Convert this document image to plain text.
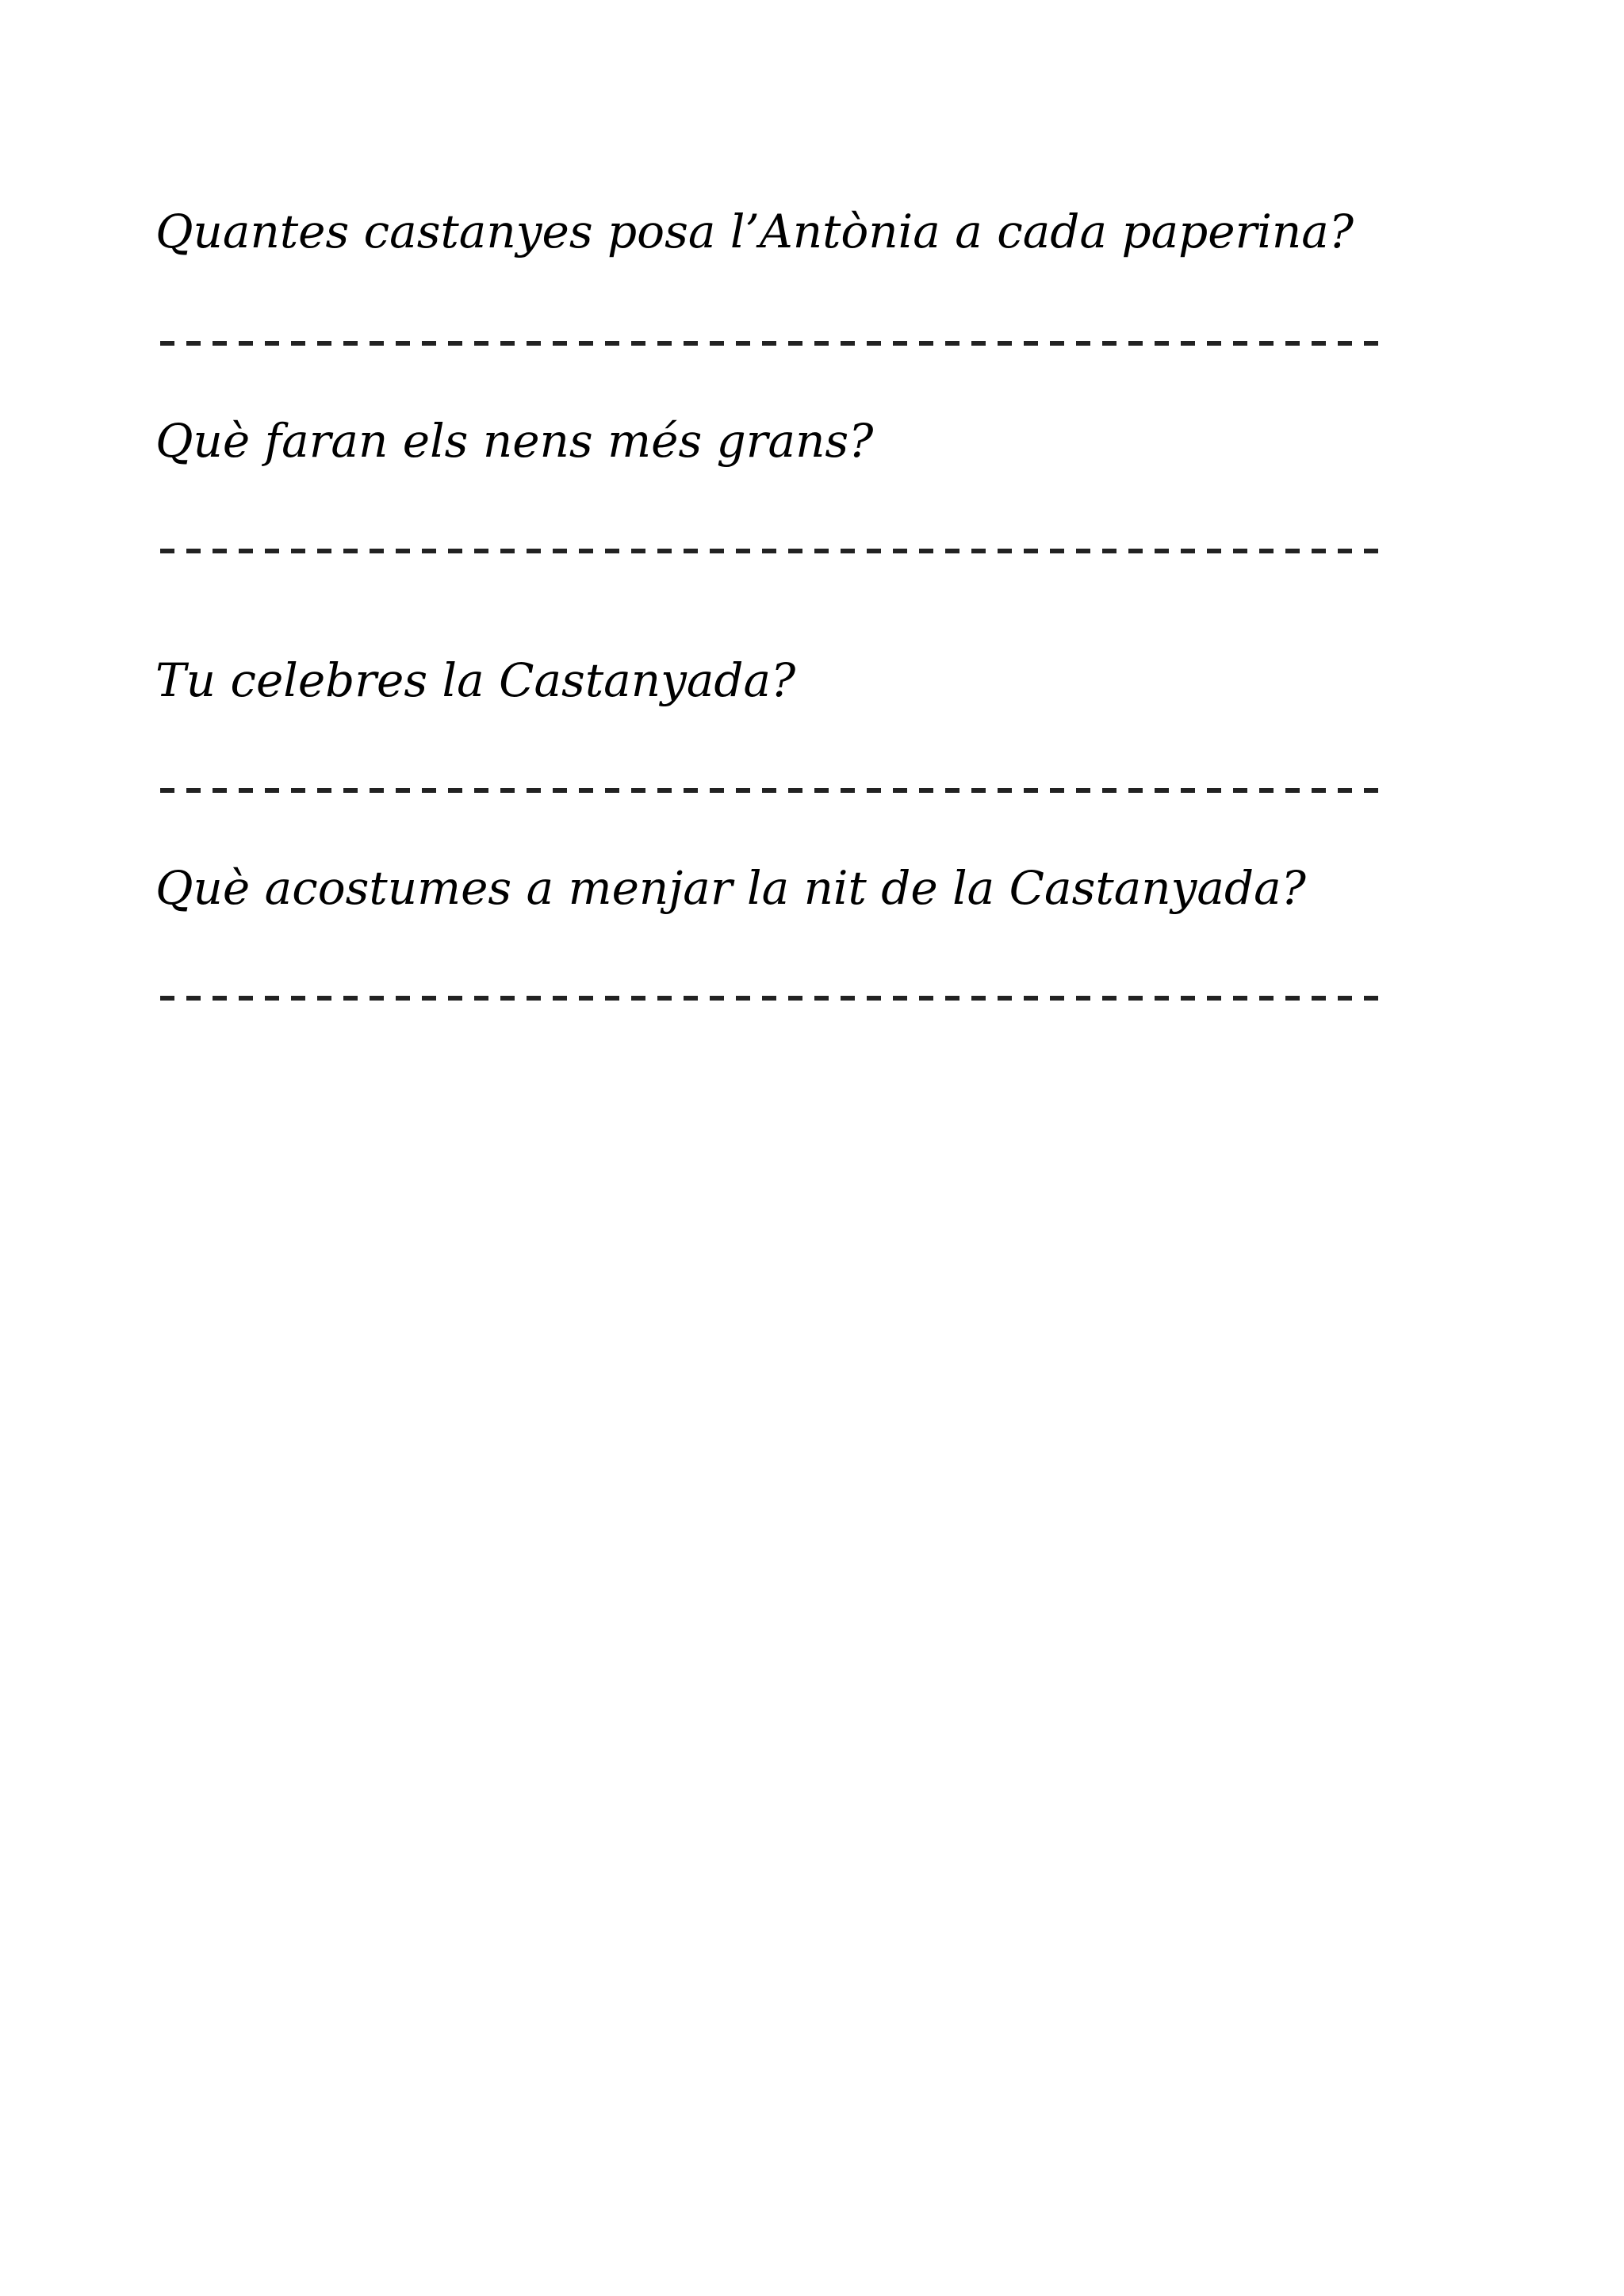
Quantes castanyes posa l’Antònia a cada paperina?

Què faran els nens més grans?

Tu celebres la Castanyada?

Què acostumes a menjar la nit de la Castanyada?
